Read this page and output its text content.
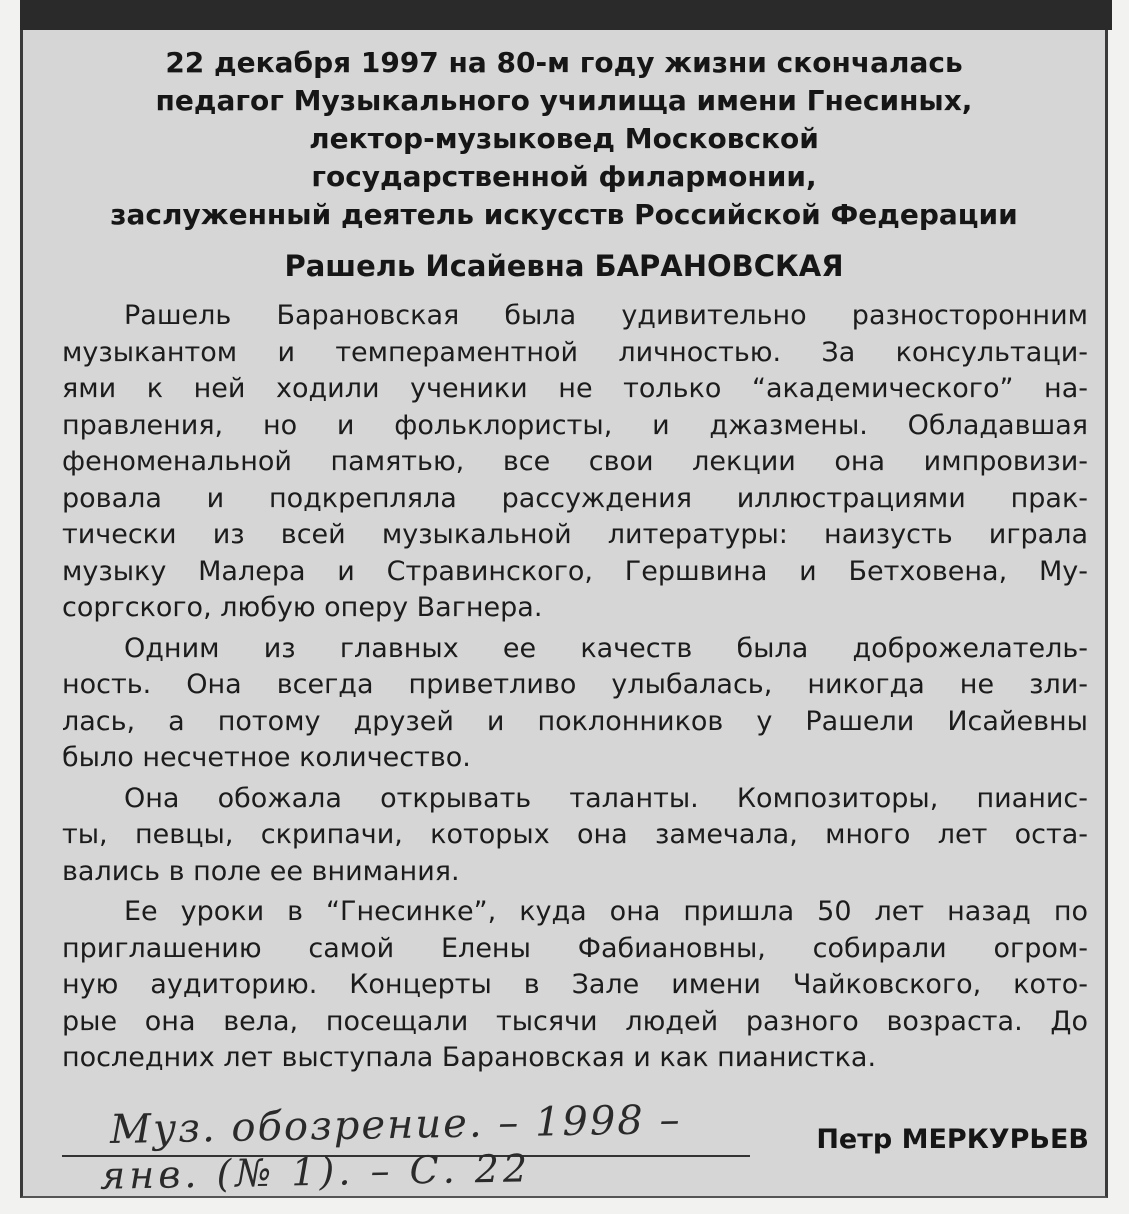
22 декабря 1997 на 80-м году жизни скончалась
педагог Музыкального училища имени Гнесиных,
лектор-музыковед Московской
государственной филармонии,
заслуженный деятель искусств Российской Федерации
Рашель Исайевна БАРАНОВСКАЯ

Рашель Барановская была удивительно разносторонним
музыкантом и темпераментной личностью. За консультаци-
ями к ней ходили ученики не только “академического” на-
правления, но и фольклористы, и джазмены. Обладавшая
феноменальной памятью, все свои лекции она импровизи-
ровала и подкрепляла рассуждения иллюстрациями прак-
тически из всей музыкальной литературы: наизусть играла
музыку Малера и Стравинского, Гершвина и Бетховена, Му-
соргского, любую оперу Вагнера.

Одним из главных ее качеств была доброжелатель-
ность. Она всегда приветливо улыбалась, никогда не зли-
лась, а потому друзей и поклонников у Рашели Исайевны
было несчетное количество.

Она обожала открывать таланты. Композиторы, пианис-
ты, певцы, скрипачи, которых она замечала, много лет оста-
вались в поле ее внимания.

Ее уроки в “Гнесинке”, куда она пришла 50 лет назад по
приглашению самой Елены Фабиановны, собирали огром-
ную аудиторию. Концерты в Зале имени Чайковского, кото-
рые она вела, посещали тысячи людей разного возраста. До
последних лет выступала Барановская и как пианистка.

Муз. обозрение. – 1998 –
янв. (№ 1). – С. 22
Петр МЕРКУРЬЕВ
